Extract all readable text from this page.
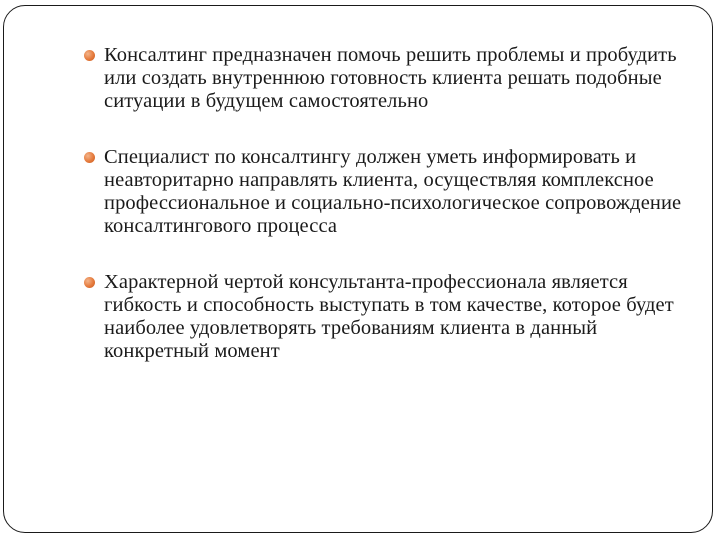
Консалтинг предназначен помочь решить проблемы и пробудить или создать внутреннюю готовность клиента решать подобные ситуации в будущем самостоятельно
Специалист по консалтингу должен уметь информировать и неавторитарно направлять клиента, осуществляя комплексное профессиональное и социально-психологическое сопровождение консалтингового процесса
Характерной чертой консультанта-профессионала является гибкость и способность выступать в том качестве, которое будет наиболее удовлетворять требованиям клиента в данный конкретный момент
